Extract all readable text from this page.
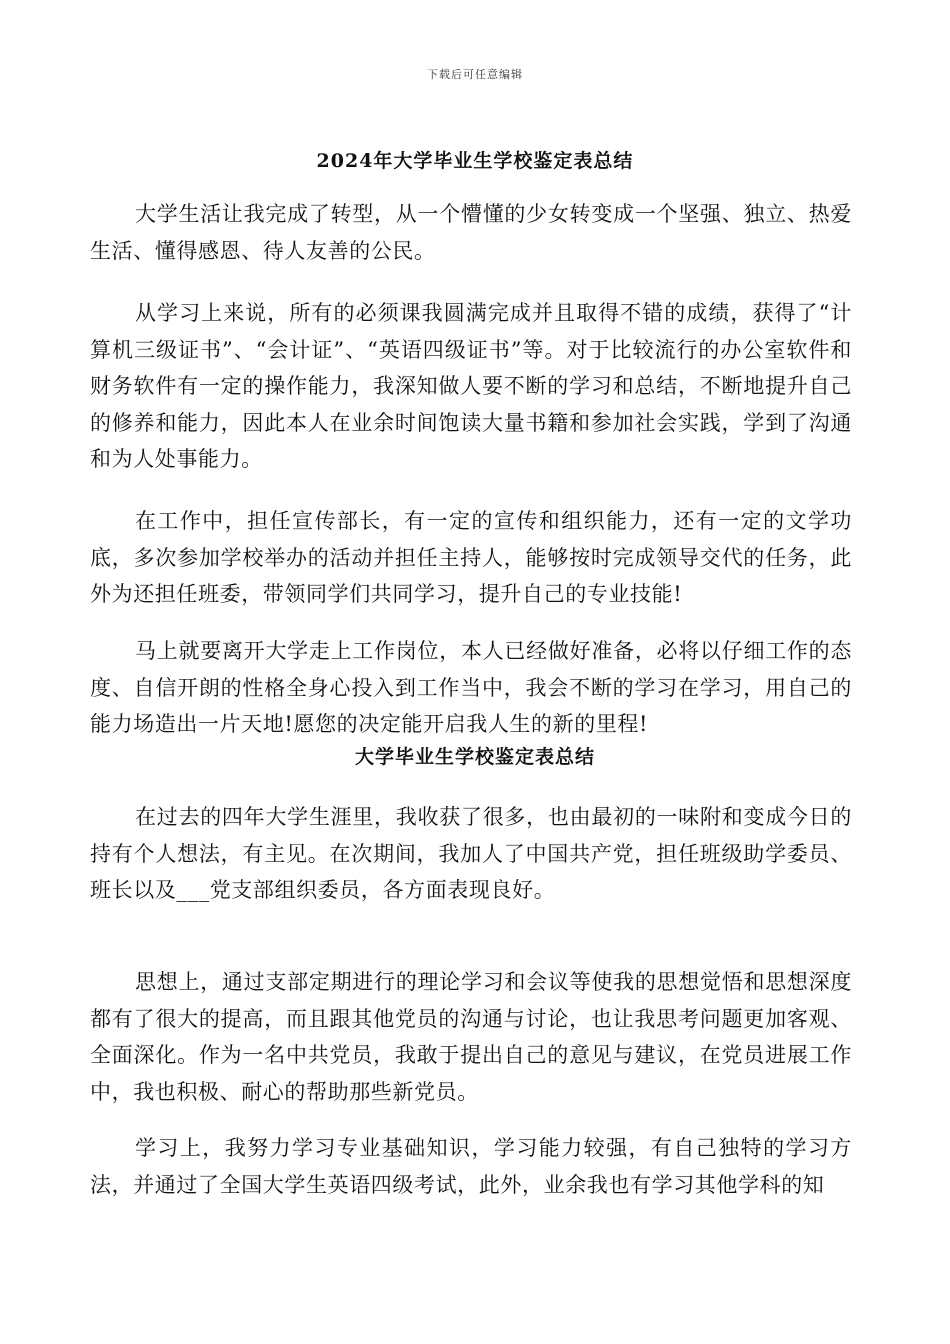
下载后可任意编辑
2024年大学毕业生学校鉴定表总结

大学生活让我完成了转型，从一个懵懂的少女转变成一个坚强、独立、热爱生活、懂得感恩、待人友善的公民。

从学习上来说，所有的必须课我圆满完成并且取得不错的成绩，获得了“计算机三级证书”、“会计证”、“英语四级证书”等。对于比较流行的办公室软件和财务软件有一定的操作能力，我深知做人要不断的学习和总结，不断地提升自己的修养和能力，因此本人在业余时间饱读大量书籍和参加社会实践，学到了沟通和为人处事能力。

在工作中，担任宣传部长，有一定的宣传和组织能力，还有一定的文学功底，多次参加学校举办的活动并担任主持人，能够按时完成领导交代的任务，此外为还担任班委，带领同学们共同学习，提升自己的专业技能!

马上就要离开大学走上工作岗位，本人已经做好准备，必将以仔细工作的态度、自信开朗的性格全身心投入到工作当中，我会不断的学习在学习，用自己的能力场造出一片天地!愿您的决定能开启我人生的新的里程!

大学毕业生学校鉴定表总结

在过去的四年大学生涯里，我收获了很多，也由最初的一味附和变成今日的持有个人想法，有主见。在次期间，我加人了中国共产党，担任班级助学委员、班长以及___党支部组织委员，各方面表现良好。

思想上，通过支部定期进行的理论学习和会议等使我的思想觉悟和思想深度都有了很大的提高，而且跟其他党员的沟通与讨论，也让我思考问题更加客观、全面深化。作为一名中共党员，我敢于提出自己的意见与建议，在党员进展工作中，我也积极、耐心的帮助那些新党员。

学习上，我努力学习专业基础知识，学习能力较强，有自己独特的学习方法，并通过了全国大学生英语四级考试，此外，业余我也有学习其他学科的知
